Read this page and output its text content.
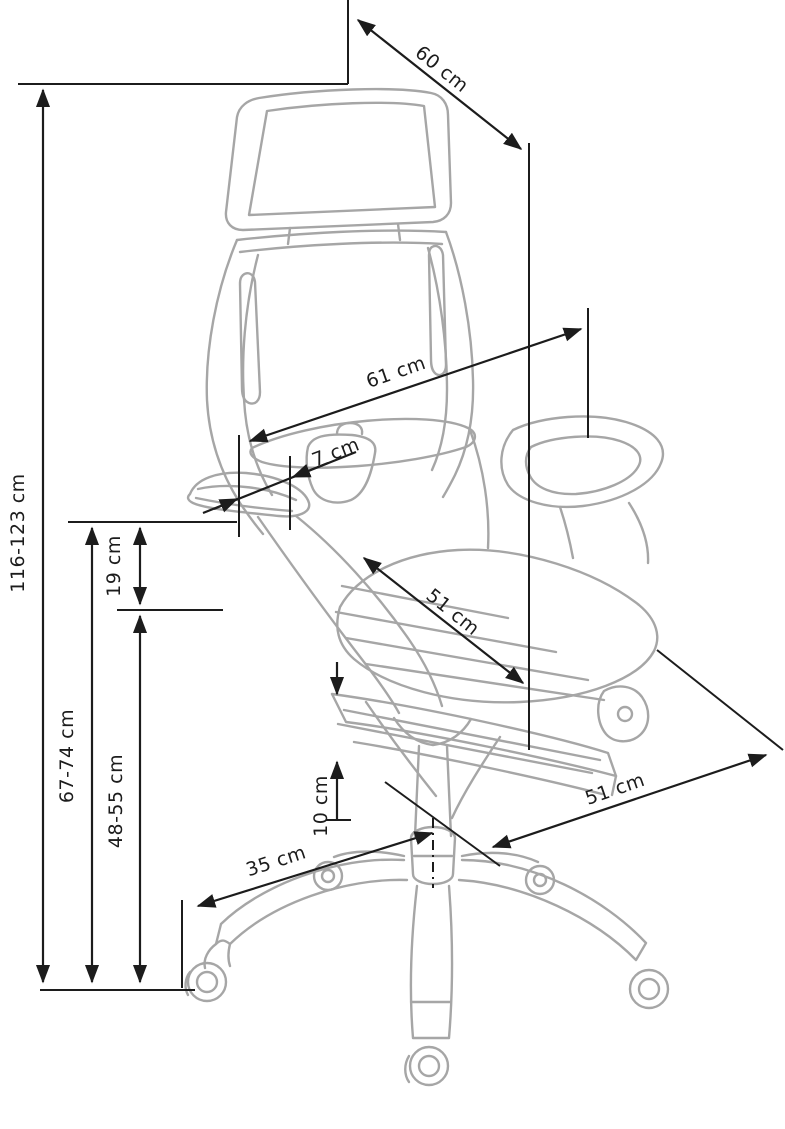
60 cm
61 cm
7 cm
51 cm
51 cm
35 cm
10 cm
19 cm
48-55 cm
67-74 cm
116-123 cm
